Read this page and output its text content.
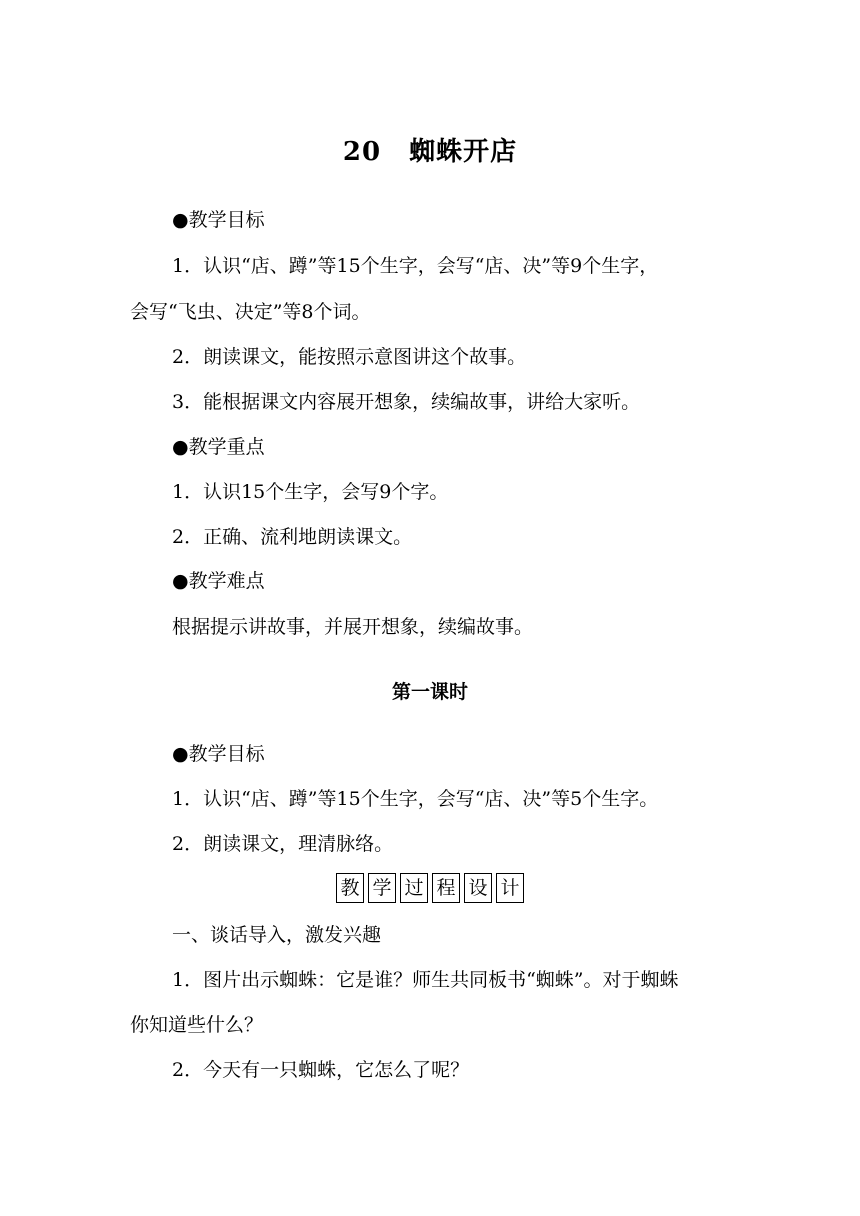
20 蜘蛛开店
●教学目标
1．认识“店、蹲”等15个生字，会写“店、决”等9个生字，
会写“飞虫、决定”等8个词。
2．朗读课文，能按照示意图讲这个故事。
3．能根据课文内容展开想象，续编故事，讲给大家听。
●教学重点
1．认识15个生字，会写9个字。
2．正确、流利地朗读课文。
●教学难点
根据提示讲故事，并展开想象，续编故事。
第一课时
●教学目标
1．认识“店、蹲”等15个生字，会写“店、决”等5个生字。
2．朗读课文，理清脉络。
教 学 过 程 设 计
一、谈话导入，激发兴趣
1．图片出示蜘蛛：它是谁？师生共同板书“蜘蛛”。对于蜘蛛
你知道些什么？
2．今天有一只蜘蛛，它怎么了呢？
